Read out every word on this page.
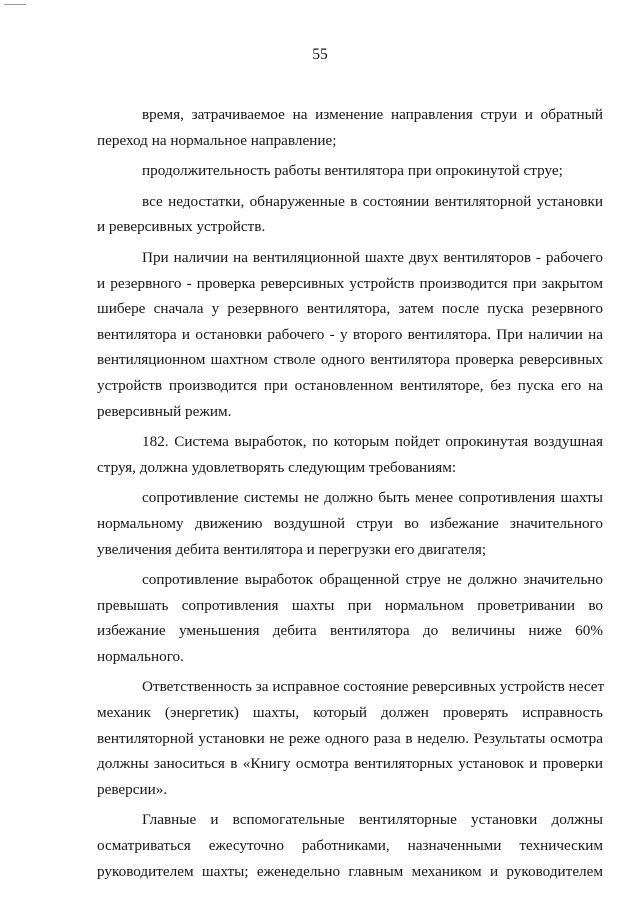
55
время, затрачиваемое на изменение направления струи и обратный
переход на нормальное направление;
продолжительность работы вентилятора при опрокинутой струе;
все недостатки, обнаруженные в состоянии вентиляторной установки
и реверсивных устройств.
При наличии на вентиляционной шахте двух вентиляторов - рабочего
и резервного - проверка реверсивных устройств производится при закрытом
шибере сначала у резервного вентилятора, затем после пуска резервного
вентилятора и остановки рабочего - у второго вентилятора. При наличии на
вентиляционном шахтном стволе одного вентилятора проверка реверсивных
устройств производится при остановленном вентиляторе, без пуска его на
реверсивный режим.
182. Система выработок, по которым пойдет опрокинутая воздушная
струя, должна удовлетворять следующим требованиям:
сопротивление системы не должно быть менее сопротивления шахты
нормальному движению воздушной струи во избежание значительного
увеличения дебита вентилятора и перегрузки его двигателя;
сопротивление выработок обращенной струе не должно значительно
превышать сопротивления шахты при нормальном проветривании во
избежание уменьшения дебита вентилятора до величины ниже 60%
нормального.
Ответственность за исправное состояние реверсивных устройств несет
механик (энергетик) шахты, который должен проверять исправность
вентиляторной установки не реже одного раза в неделю. Результаты осмотра
должны заноситься в «Книгу осмотра вентиляторных установок и проверки
реверсии».
Главные и вспомогательные вентиляторные установки должны
осматриваться ежесуточно работниками, назначенными техническим
руководителем шахты; еженедельно главным механиком и руководителем
